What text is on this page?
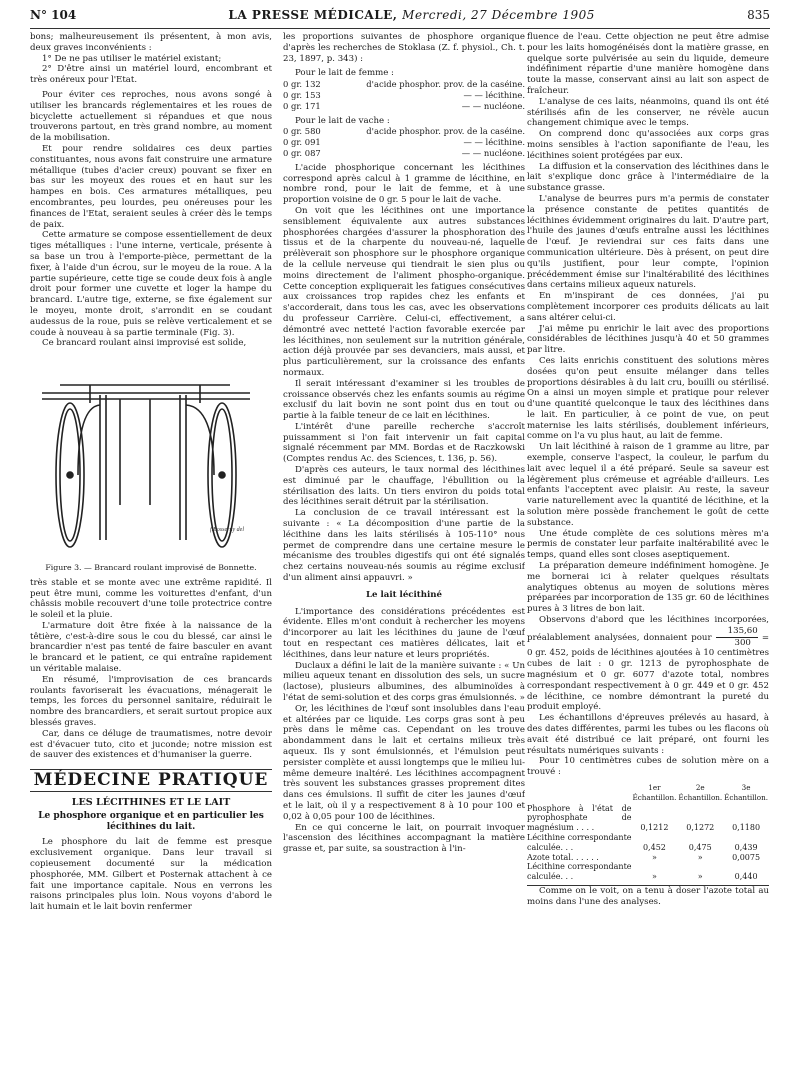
N° 104	LA PRESSE MÉDICALE, Mercredi, 27 Décembre 1905	835

bons; malheureusement ils présentent, à mon avis, deux graves inconvénients :

1° De ne pas utiliser le matériel existant;

2° D'être ainsi un matériel lourd, encombrant et très onéreux pour l'Etat.

Pour éviter ces reproches, nous avons songé à utiliser les brancards réglementaires et les roues de bicyclette actuellement si répandues et que nous trouverons partout, en très grand nombre, au moment de la mobilisation.

Et pour rendre solidaires ces deux parties constituantes, nous avons fait construire une armature métallique (tubes d'acier creux) pouvant se fixer en bas sur les moyeux des roues et en haut sur les hampes en bois. Ces armatures métalliques, peu encombrantes, peu lourdes, peu onéreuses pour les finances de l'Etat, seraient seules à créer dès le temps de paix.

Cette armature se compose essentiellement de deux tiges métalliques : l'une interne, verticale, présente à sa base un trou à l'emporte-pièce, permettant de la fixer, à l'aide d'un écrou, sur le moyeu de la roue. A la partie supérieure, cette tige se coude deux fois à angle droit pour former une cuvette et loger la hampe du brancard. L'autre tige, externe, se fixe également sur le moyeu, monte droit, s'arrondit en se coudant audessus de la roue, puis se relève verticalement et se coude à nouveau à sa partie terminale (Fig. 3).

Ce brancard roulant ainsi improvisé est solide,

f.Bosserny del
Figure 3. — Brancard roulant improvisé de Bonnette.

très stable et se monte avec une extrême rapidité. Il peut être muni, comme les voiturettes d'enfant, d'un châssis mobile recouvert d'une toile protectrice contre le soleil et la pluie.

L'armature doit être fixée à la naissance de la têtière, c'est-à-dire sous le cou du blessé, car ainsi le brancardier n'est pas tenté de faire basculer en avant le brancard et le patient, ce qui entraîne rapidement un véritable malaise.

En résumé, l'improvisation de ces brancards roulants favoriserait les évacuations, ménagerait le temps, les forces du personnel sanitaire, réduirait le nombre des brancardiers, et serait surtout propice aux blessés graves.

Car, dans ce déluge de traumatismes, notre devoir est d'évacuer tuto, cito et juconde; notre mission est de sauver des existences et d'humaniser la guerre.

MÉDECINE PRATIQUE
LES LÉCITHINES ET LE LAIT
Le phosphore organique et en particulier les lécithines du lait.

Le phosphore du lait de femme est presque exclusivement organique. Dans leur travail si copieusement documenté sur la médication phosphorée, MM. Gilbert et Posternak attachent à ce fait une importance capitale. Nous en verrons les raisons principales plus loin. Nous voyons d'abord le lait humain et le lait bovin renfermer

les proportions suivantes de phosphore organique d'après les recherches de Stoklasa (Z. f. physiol., Ch. t. 23, 1897, p. 343) :

Pour le lait de femme :

0 gr. 132	d'acide phosphor. prov. de la caséine.
0 gr. 153	— — lécithine.
0 gr. 171	— — nucléone.

Pour le lait de vache :

0 gr. 580	d'acide phosphor. prov. de la caséine.
0 gr. 091	— — lécithine.
0 gr. 087	— — nucléone.

L'acide phosphorique concernant les lécithines correspond après calcul à 1 gramme de lécithine, en nombre rond, pour le lait de femme, et à une proportion voisine de 0 gr. 5 pour le lait de vache.

On voit que les lécithines ont une importance sensiblement équivalente aux autres substances phosphorées chargées d'assurer la phosphoration des tissus et de la charpente du nouveau-né, laquelle prélèverait son phosphore sur le phosphore organique de la cellule nerveuse qui tiendrait le sien plus ou moins directement de l'aliment phospho-organique. Cette conception expliquerait les fatigues consécutives aux croissances trop rapides chez les enfants et s'accorderait, dans tous les cas, avec les observations du professeur Carrière. Celui-ci, effectivement, a démontré avec netteté l'action favorable exercée par les lécithines, non seulement sur la nutrition générale, action déjà prouvée par ses devanciers, mais aussi, et plus particulièrement, sur la croissance des enfants normaux.

Il serait intéressant d'examiner si les troubles de croissance observés chez les enfants soumis au régime exclusif du lait bovin ne sont point dus en tout ou partie à la faible teneur de ce lait en lécithines.

L'intérêt d'une pareille recherche s'accroît puissamment si l'on fait intervenir un fait capital signalé récemment par MM. Bordas et de Raczkowski (Comptes rendus Ac. des Sciences, t. 136, p. 56).

D'après ces auteurs, le taux normal des lécithines est diminué par le chauffage, l'ébullition ou la stérilisation des laits. Un tiers environ du poids total des lécithines serait détruit par la stérilisation.

La conclusion de ce travail intéressant est la suivante : « La décomposition d'une partie de la lécithine dans les laits stérilisés à 105-110° nous permet de comprendre dans une certaine mesure le mécanisme des troubles digestifs qui ont été signalés chez certains nouveau-nés soumis au régime exclusif d'un aliment ainsi appauvri. »

Le lait lécithiné

L'importance des considérations précédentes est évidente. Elles m'ont conduit à rechercher les moyens d'incorporer au lait les lécithines du jaune de l'œuf tout en respectant ces matières délicates, lait et lécithines, dans leur nature et leurs propriétés.

Duclaux a défini le lait de la manière suivante : « Un milieu aqueux tenant en dissolution des sels, un sucre (lactose), plusieurs albumines, des albuminoïdes à l'état de semi-solution et des corps gras émulsionnés. »

Or, les lécithines de l'œuf sont insolubles dans l'eau et altérées par ce liquide. Les corps gras sont à peu près dans le même cas. Cependant on les trouve abondamment dans le lait et certains milieux très aqueux. Ils y sont émulsionnés, et l'émulsion peut persister complète et aussi longtemps que le milieu lui-même demeure inaltéré. Les lécithines accompagnent très souvent les substances grasses proprement dites dans ces émulsions. Il suffit de citer les jaunes d'œuf et le lait, où il y a respectivement 8 à 10 pour 100 et 0,02 à 0,05 pour 100 de lécithines.

En ce qui concerne le lait, on pourrait invoquer l'ascension des lécithines accompagnant la matière grasse et, par suite, sa soustraction à l'in-

fluence de l'eau. Cette objection ne peut être admise pour les laits homogénéisés dont la matière grasse, en quelque sorte pulvérisée au sein du liquide, demeure indéfiniment répartie d'une manière homogène dans toute la masse, conservant ainsi au lait son aspect de fraîcheur.

L'analyse de ces laits, néanmoins, quand ils ont été stérilisés afin de les conserver, ne révèle aucun changement chimique avec le temps.

On comprend donc qu'associées aux corps gras moins sensibles à l'action saponifiante de l'eau, les lécithines soient protégées par eux.

La diffusion et la conservation des lécithines dans le lait s'explique donc grâce à l'intermédiaire de la substance grasse.

L'analyse de beurres purs m'a permis de constater la présence constante de petites quantités de lécithines évidemment originaires du lait. D'autre part, l'huile des jaunes d'œufs entraîne aussi les lécithines de l'œuf. Je reviendrai sur ces faits dans une communication ultérieure. Dès à présent, on peut dire qu'ils justifient, pour leur compte, l'opinion précédemment émise sur l'inaltérabilité des lécithines dans certains milieux aqueux naturels.

En m'inspirant de ces données, j'ai pu complètement incorporer ces produits délicats au lait sans altérer celui-ci.

J'ai même pu enrichir le lait avec des proportions considérables de lécithines jusqu'à 40 et 50 grammes par litre.

Ces laits enrichis constituent des solutions mères dosées qu'on peut ensuite mélanger dans telles proportions désirables à du lait cru, bouilli ou stérilisé. On a ainsi un moyen simple et pratique pour relever d'une quantité quelconque le taux des lécithines dans le lait. En particulier, à ce point de vue, on peut maternise les laits stérilisés, doublement inférieurs, comme on l'a vu plus haut, au lait de femme.

Un lait lécithiné à raison de 1 gramme au litre, par exemple, conserve l'aspect, la couleur, le parfum du lait avec lequel il a été préparé. Seule sa saveur est légèrement plus crémeuse et agréable d'ailleurs. Les enfants l'acceptent avec plaisir. Au reste, la saveur varie naturellement avec la quantité de lécithine, et la solution mère possède franchement le goût de cette substance.

Une étude complète de ces solutions mères m'a permis de constater leur parfaite inaltérabilité avec le temps, quand elles sont closes aseptiquement.

La préparation demeure indéfiniment homogène. Je me bornerai ici à relater quelques résultats analytiques obtenus au moyen de solutions mères préparées par incorporation de 135 gr. 60 de lécithines pures à 3 litres de bon lait.

Observons d'abord que les lécithines incorporées, préalablement analysées, donnaient pour $\frac{135,60}{300} = 0$ gr. 452, poids de lécithines ajoutées à 10 centimètres cubes de lait : 0 gr. 1213 de pyrophosphate de magnésium et 0 gr. 6077 d'azote total, nombres correspondant respectivement à 0 gr. 449 et 0 gr. 452 de lécithine, ce nombre démontrant la pureté du produit employé.

Les échantillons d'épreuves prélevés au hasard, à des dates différentes, parmi les tubes ou les flacons où avait été distribué ce lait préparé, ont fourni les résultats numériques suivants :

Pour 10 centimètres cubes de solution mère on a trouvé :

	1er Échantillon.	2e Échantillon.	3e Échantillon.
Phosphore à l'état de pyrophosphate de magnésium . . . .	0,1212	0,1272	0,1180
Lécithine correspondante calculée. . .	0,452	0,475	0,439
Azote total. . . . . .	»	»	0,0075
Lécithine correspondante calculée. . .	»	»	0,440

Comme on le voit, on a tenu à doser l'azote total au moins dans l'une des analyses.
